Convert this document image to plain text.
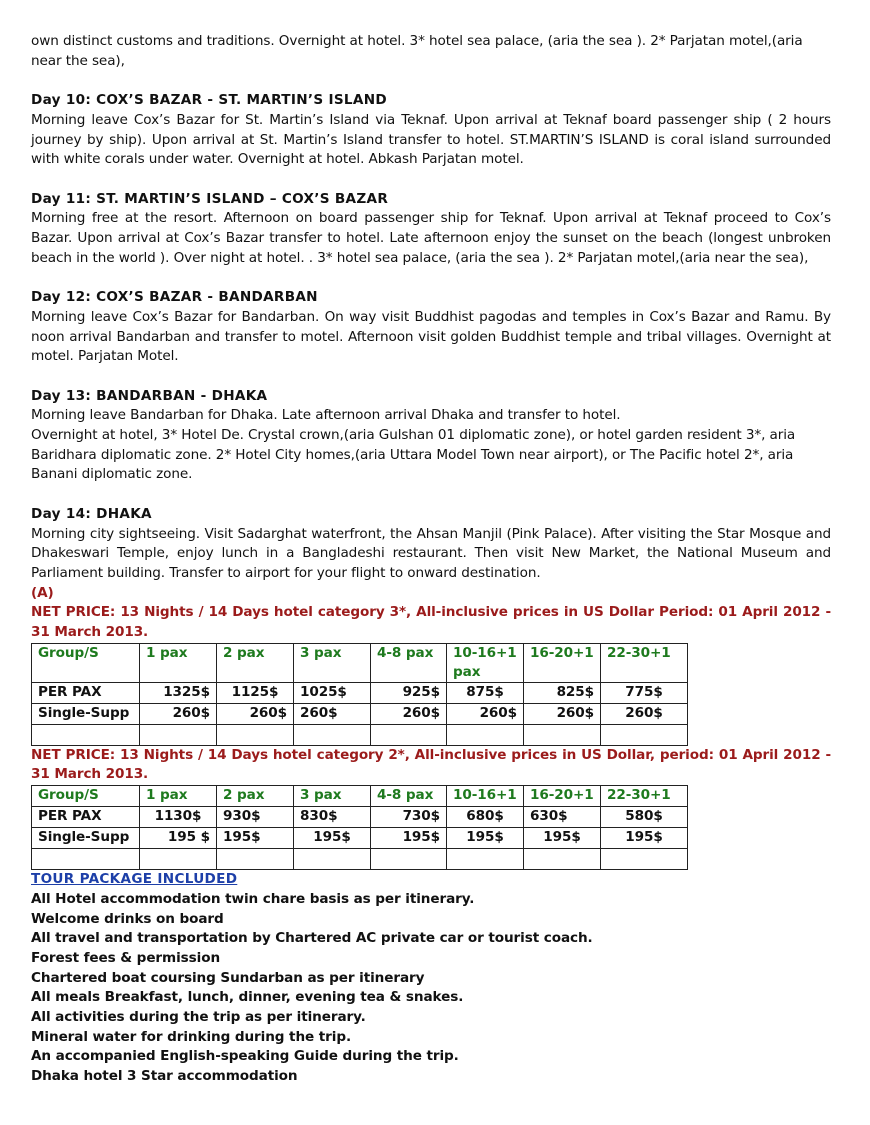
own distinct customs and traditions. Overnight at hotel. 3* hotel sea palace, (aria the sea ). 2* Parjatan motel,(aria

near the sea),

Day 10: COX’S BAZAR - ST. MARTIN’S ISLAND

Morning leave Cox’s Bazar for St. Martin’s Island via Teknaf. Upon arrival at Teknaf board passenger ship ( 2 hours journey by ship). Upon arrival at St. Martin’s Island transfer to hotel. ST.MARTIN’S ISLAND is coral island surrounded with white corals under water. Overnight at hotel. Abkash Parjatan motel.

Day 11: ST. MARTIN’S ISLAND – COX’S BAZAR

Morning free at the resort. Afternoon on board passenger ship for Teknaf. Upon arrival at Teknaf proceed to Cox’s Bazar. Upon arrival at Cox’s Bazar transfer to hotel. Late afternoon enjoy the sunset on the beach (longest unbroken beach in the world ). Over night at hotel. . 3* hotel sea palace, (aria the sea ). 2* Parjatan motel,(aria near the sea),

Day 12: COX’S BAZAR - BANDARBAN

Morning leave Cox’s Bazar for Bandarban. On way visit Buddhist pagodas and temples in Cox’s Bazar and Ramu. By noon arrival Bandarban and transfer to motel. Afternoon visit golden Buddhist temple and tribal villages. Overnight at motel. Parjatan Motel.

Day 13: BANDARBAN - DHAKA

Morning leave Bandarban for Dhaka. Late afternoon arrival Dhaka and transfer to hotel.

Overnight at hotel, 3* Hotel De. Crystal crown,(aria Gulshan 01 diplomatic zone), or hotel garden resident 3*, aria Baridhara diplomatic zone. 2* Hotel City homes,(aria Uttara Model Town near airport), or The Pacific hotel 2*, aria Banani diplomatic zone.

Day 14: DHAKA

Morning city sightseeing. Visit Sadarghat waterfront, the Ahsan Manjil (Pink Palace). After visiting the Star Mosque and Dhakeswari Temple, enjoy lunch in a Bangladeshi restaurant. Then visit New Market, the National Museum and Parliament building. Transfer to airport for your flight to onward destination.

(A)

NET PRICE: 13 Nights / 14 Days hotel category 3*, All-inclusive prices in US Dollar Period: 01 April 2012 - 31 March 2013.

Group/S	1 pax	2 pax	3 pax	4-8 pax	10-16+1 pax	16-20+1	22-30+1
PER PAX	1325$	1125$	1025$	925$	875$	825$	775$
Single-Supp	260$	260$	260$	260$	260$	260$	260$

NET PRICE: 13 Nights / 14 Days hotel category 2*, All-inclusive prices in US Dollar, period: 01 April 2012 - 31 March 2013.

Group/S	1 pax	2 pax	3 pax	4-8 pax	10-16+1	16-20+1	22-30+1
PER PAX	1130$	930$	830$	730$	680$	630$	580$
Single-Supp	195 $	195$	195$	195$	195$	195$	195$

TOUR PACKAGE INCLUDED

All Hotel accommodation twin chare basis as per itinerary.

Welcome drinks on board

All travel and transportation by Chartered AC private car or tourist coach.

Forest fees & permission

Chartered boat coursing Sundarban as per itinerary

All meals Breakfast, lunch, dinner, evening tea & snakes.

All activities during the trip as per itinerary.

Mineral water for drinking during the trip.

An accompanied English-speaking Guide during the trip.

Dhaka hotel 3 Star accommodation
